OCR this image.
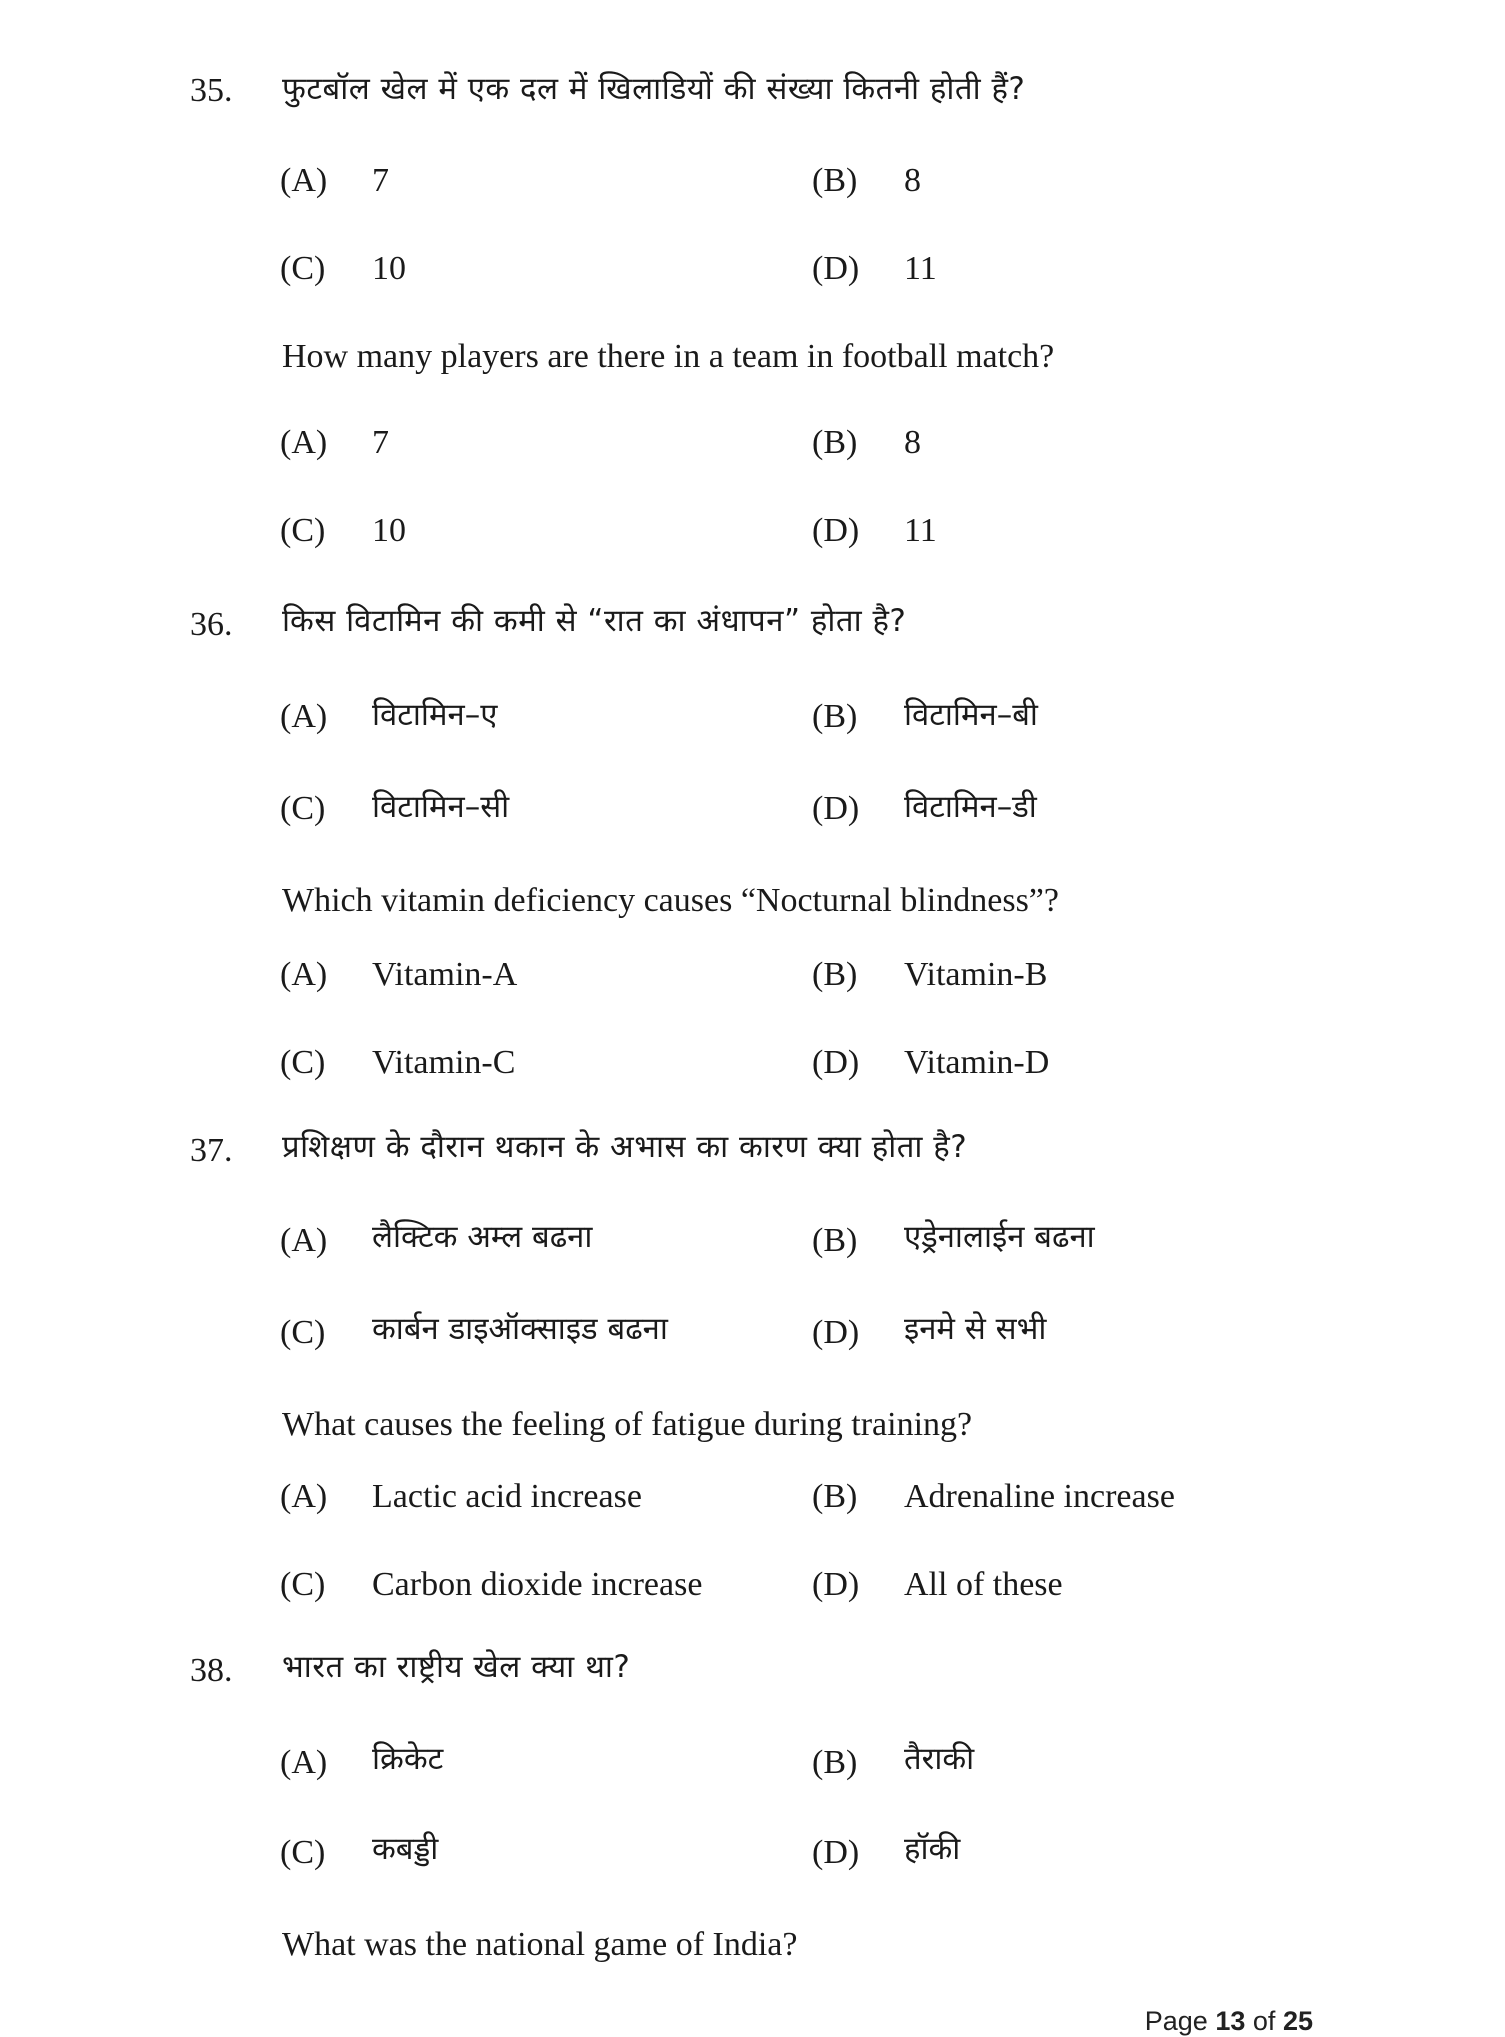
35. फुटबॉल खेल में एक दल में खिलाडियों की संख्या कितनी होती हैं?
(A) 7	(B) 8
(C) 10	(D) 11
How many players are there in a team in football match?
(A) 7	(B) 8
(C) 10	(D) 11
36. किस विटामिन की कमी से “रात का अंधापन” होता है?
(A) विटामिन–ए	(B) विटामिन–बी
(C) विटामिन–सी	(D) विटामिन–डी
Which vitamin deficiency causes “Nocturnal blindness”?
(A) Vitamin-A	(B) Vitamin-B
(C) Vitamin-C	(D) Vitamin-D
37. प्रशिक्षण के दौरान थकान के अभास का कारण क्या होता है?
(A) लैक्टिक अम्ल बढना	(B) एड्रेनालाईन बढना
(C) कार्बन डाइऑक्साइड बढना	(D) इनमे से सभी
What causes the feeling of fatigue during training?
(A) Lactic acid increase	(B) Adrenaline increase
(C) Carbon dioxide increase	(D) All of these
38. भारत का राष्ट्रीय खेल क्या था?
(A) क्रिकेट	(B) तैराकी
(C) कबड्डी	(D) हॉकी
What was the national game of India?
Page 13 of 25
